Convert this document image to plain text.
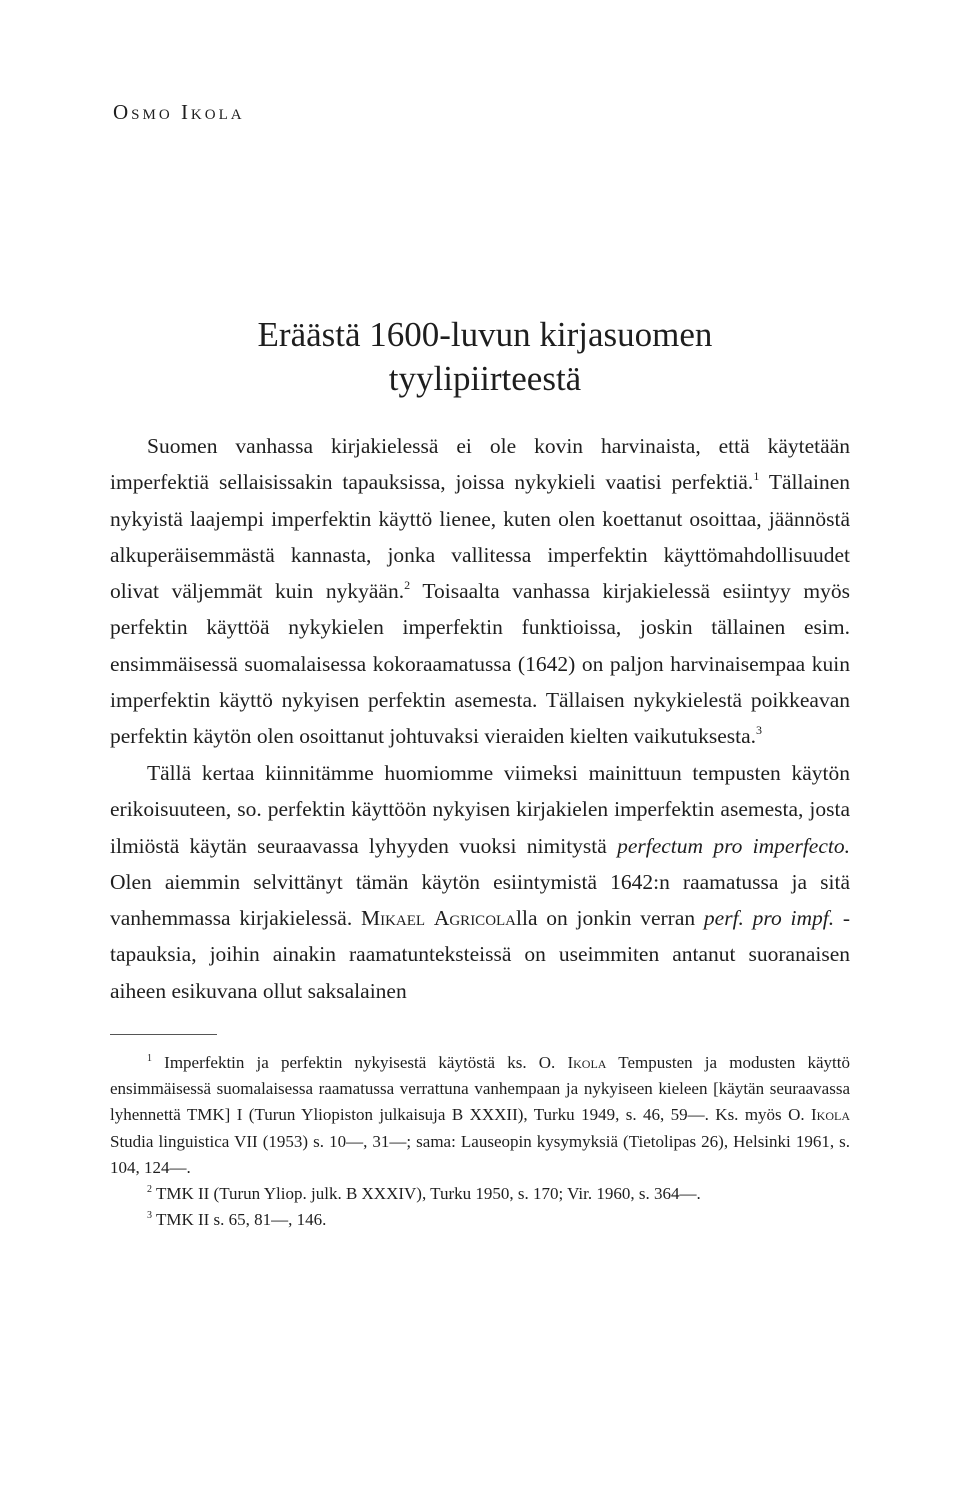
Osmo Ikola
Eräästä 1600-luvun kirjasuomen
tyylipiirteestä

Suomen vanhassa kirjakielessä ei ole kovin harvinaista, että käytetään imperfektiä sellaisissakin tapauksissa, joissa nykykieli vaatisi perfektiä.$^1$ Tällainen nykyistä laajempi imperfektin käyttö lienee, kuten olen koettanut osoittaa, jäännöstä alkuperäisemmästä kannasta, jonka vallitessa imperfektin käyttömahdollisuudet olivat väljemmät kuin nykyään.$^2$ Toisaalta vanhassa kirjakielessä esiintyy myös perfektin käyttöä nykykielen imperfektin funktioissa, joskin tällainen esim. ensimmäisessä suomalaisessa kokoraamatussa (1642) on paljon harvinaisempaa kuin imperfektin käyttö nykyisen perfektin asemesta. Tällaisen nykykielestä poikkeavan perfektin käytön olen osoittanut johtuvaksi vieraiden kielten vaikutuksesta.$^3$

Tällä kertaa kiinnitämme huomiomme viimeksi mainittuun tempusten käytön erikoisuuteen, so. perfektin käyttöön nykyisen kirjakielen imperfektin asemesta, josta ilmiöstä käytän seuraavassa lyhyyden vuoksi nimitystä perfectum pro imperfecto. Olen aiemmin selvittänyt tämän käytön esiintymistä 1642:n raamatussa ja sitä vanhemmassa kirjakielessä. Mikael Agricolalla on jonkin verran perf. pro impf. -tapauksia, joihin ainakin raamatunteksteissä on useimmiten antanut suoranaisen aiheen esikuvana ollut saksalainen

$^1$ Imperfektin ja perfektin nykyisestä käytöstä ks. O. Ikola Tempusten ja modusten käyttö ensimmäisessä suomalaisessa raamatussa verrattuna vanhempaan ja nykyiseen kieleen [käytän seuraavassa lyhennettä TMK] I (Turun Yliopiston julkaisuja B XXXII), Turku 1949, s. 46, 59—. Ks. myös O. Ikola Studia linguistica VII (1953) s. 10—, 31—; sama: Lauseopin kysymyksiä (Tietolipas 26), Helsinki 1961, s. 104, 124—.

$^2$ TMK II (Turun Yliop. julk. B XXXIV), Turku 1950, s. 170; Vir. 1960, s. 364—.

$^3$ TMK II s. 65, 81—, 146.
